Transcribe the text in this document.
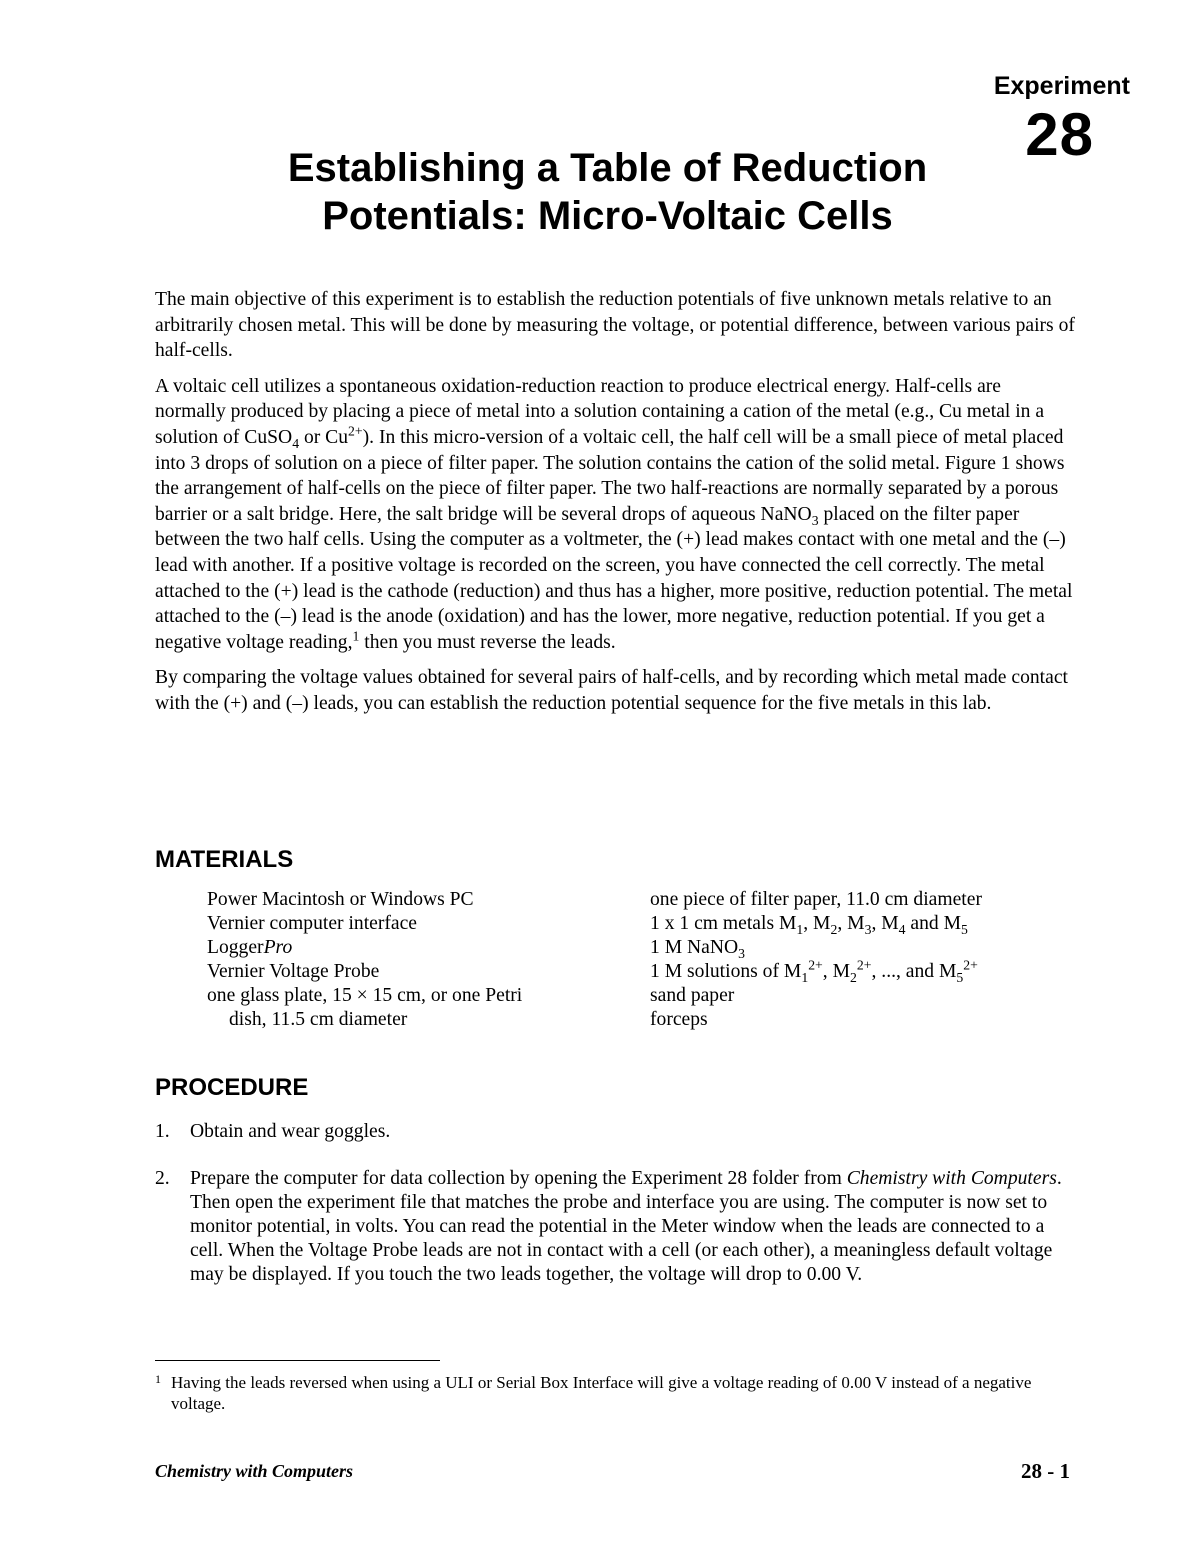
Experiment
28
Establishing a Table of Reduction
Potentials: Micro-Voltaic Cells

The main objective of this experiment is to establish the reduction potentials of five unknown metals relative to an arbitrarily chosen metal. This will be done by measuring the voltage, or potential difference, between various pairs of half-cells.

A voltaic cell utilizes a spontaneous oxidation-reduction reaction to produce electrical energy. Half-cells are normally produced by placing a piece of metal into a solution containing a cation of the metal (e.g., Cu metal in a solution of CuSO$_4$ or $Cu^{2+}$). In this micro-version of a voltaic cell, the half cell will be a small piece of metal placed into 3 drops of solution on a piece of filter paper. The solution contains the cation of the solid metal. Figure 1 shows the arrangement of half-cells on the piece of filter paper. The two half-reactions are normally separated by a porous barrier or a salt bridge. Here, the salt bridge will be several drops of aqueous NaNO$_3$ placed on the filter paper between the two half cells. Using the computer as a voltmeter, the (+) lead makes contact with one metal and the (–) lead with another. If a positive voltage is recorded on the screen, you have connected the cell correctly. The metal attached to the (+) lead is the cathode (reduction) and thus has a higher, more positive, reduction potential. The metal attached to the (–) lead is the anode (oxidation) and has the lower, more negative, reduction potential. If you get a negative voltage reading,$^1$ then you must reverse the leads.

By comparing the voltage values obtained for several pairs of half-cells, and by recording which metal made contact with the (+) and (–) leads, you can establish the reduction potential sequence for the five metals in this lab.

MATERIALS
Power Macintosh or Windows PC
Vernier computer interface
LoggerPro
Vernier Voltage Probe
one glass plate, 15 × 15 cm, or one Petri
dish, 11.5 cm diameter
one piece of filter paper, 11.0 cm diameter
1 x 1 cm metals $M_1$, $M_2$, $M_3$, $M_4$ and $M_5$
1 M NaNO$_3$
1 M solutions of $M_1^{2+}$, $M_2^{2+}$, ..., and $M_5^{2+}$
sand paper
forceps
PROCEDURE
1. Obtain and wear goggles.
2. Prepare the computer for data collection by opening the Experiment 28 folder from Chemistry with Computers. Then open the experiment file that matches the probe and interface you are using. The computer is now set to monitor potential, in volts. You can read the potential in the Meter window when the leads are connected to a cell. When the Voltage Probe leads are not in contact with a cell (or each other), a meaningless default voltage may be displayed. If you touch the two leads together, the voltage will drop to 0.00 V.
1 Having the leads reversed when using a ULI or Serial Box Interface will give a voltage reading of 0.00 V instead of a negative voltage.
Chemistry with Computers	28 - 1
